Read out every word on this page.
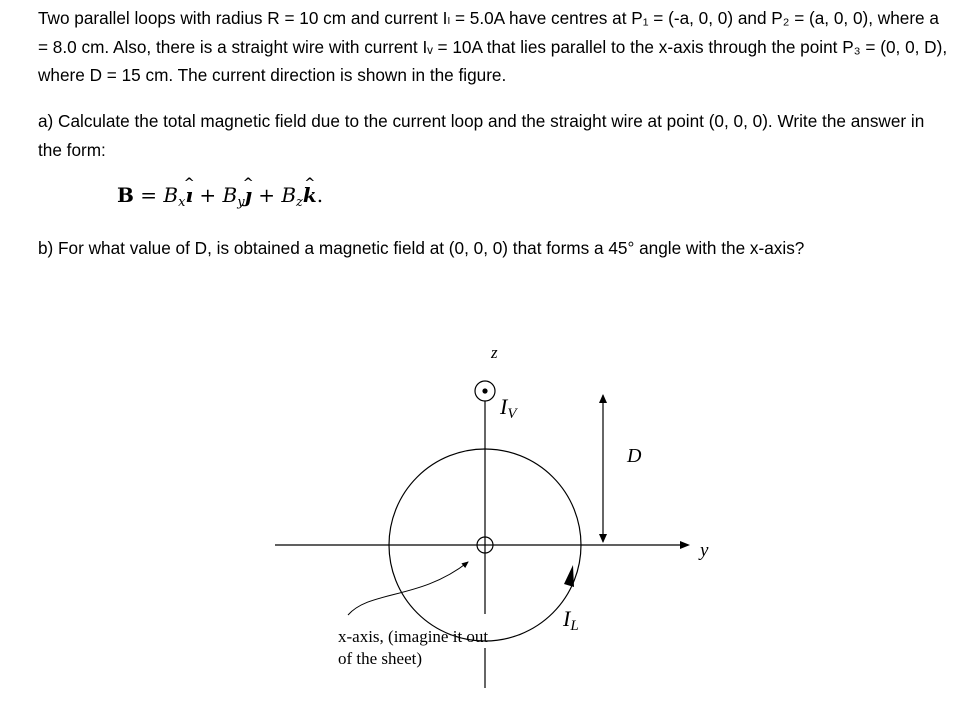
Two parallel loops with radius R = 10 cm and current Iₗ = 5.0A have centres at P₁ = (-a, 0, 0) and P₂ = (a, 0, 0), where a = 8.0 cm. Also, there is a straight wire with current Iᵥ = 10A that lies parallel to the x-axis through the point P₃ = (0, 0, D), where D = 15 cm. The current direction is shown in the figure.

a) Calculate the total magnetic field due to the current loop and the straight wire at point (0, 0, 0). Write the answer in the form:

$B = B_xı$ ^ + $B_yȷ$ ^ + $B_zk$ ^.

b) For what value of D, is obtained a magnetic field at (0, 0, 0) that forms a 45° angle with the x-axis?

z
IV
D
y
IL
x-axis, (imagine it out
of the sheet)
